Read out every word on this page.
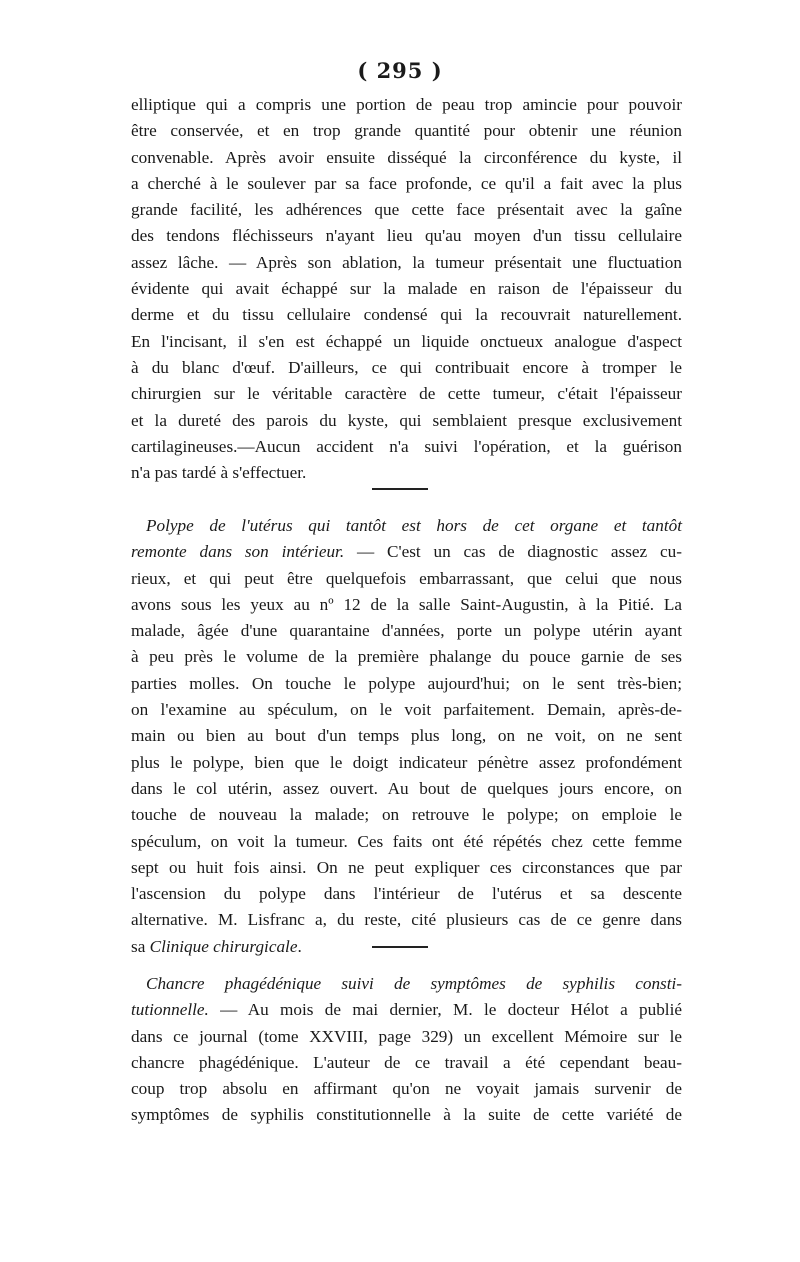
( 295 )
elliptique qui a compris une portion de peau trop amincie pour pouvoir
être conservée, et en trop grande quantité pour obtenir une réunion
convenable. Après avoir ensuite disséqué la circonférence du kyste, il
a cherché à le soulever par sa face profonde, ce qu'il a fait avec la plus
grande facilité, les adhérences que cette face présentait avec la gaîne
des tendons fléchisseurs n'ayant lieu qu'au moyen d'un tissu cellulaire
assez lâche. — Après son ablation, la tumeur présentait une fluctuation
évidente qui avait échappé sur la malade en raison de l'épaisseur du
derme et du tissu cellulaire condensé qui la recouvrait naturellement.
En l'incisant, il s'en est échappé un liquide onctueux analogue d'aspect
à du blanc d'œuf. D'ailleurs, ce qui contribuait encore à tromper le
chirurgien sur le véritable caractère de cette tumeur, c'était l'épaisseur
et la dureté des parois du kyste, qui semblaient presque exclusivement
cartilagineuses.—Aucun accident n'a suivi l'opération, et la guérison
n'a pas tardé à s'effectuer.
Polype de l'utérus qui tantôt est hors de cet organe et tantôt
remonte dans son intérieur. — C'est un cas de diagnostic assez cu-
rieux, et qui peut être quelquefois embarrassant, que celui que nous
avons sous les yeux au nº 12 de la salle Saint-Augustin, à la Pitié. La
malade, âgée d'une quarantaine d'années, porte un polype utérin ayant
à peu près le volume de la première phalange du pouce garnie de ses
parties molles. On touche le polype aujourd'hui; on le sent très-bien;
on l'examine au spéculum, on le voit parfaitement. Demain, après-de-
main ou bien au bout d'un temps plus long, on ne voit, on ne sent
plus le polype, bien que le doigt indicateur pénètre assez profondément
dans le col utérin, assez ouvert. Au bout de quelques jours encore, on
touche de nouveau la malade; on retrouve le polype; on emploie le
spéculum, on voit la tumeur. Ces faits ont été répétés chez cette femme
sept ou huit fois ainsi. On ne peut expliquer ces circonstances que par
l'ascension du polype dans l'intérieur de l'utérus et sa descente
alternative. M. Lisfranc a, du reste, cité plusieurs cas de ce genre dans
sa Clinique chirurgicale.
Chancre phagédénique suivi de symptômes de syphilis consti-
tutionnelle. — Au mois de mai dernier, M. le docteur Hélot a publié
dans ce journal (tome XXVIII, page 329) un excellent Mémoire sur le
chancre phagédénique. L'auteur de ce travail a été cependant beau-
coup trop absolu en affirmant qu'on ne voyait jamais survenir de
symptômes de syphilis constitutionnelle à la suite de cette variété de
